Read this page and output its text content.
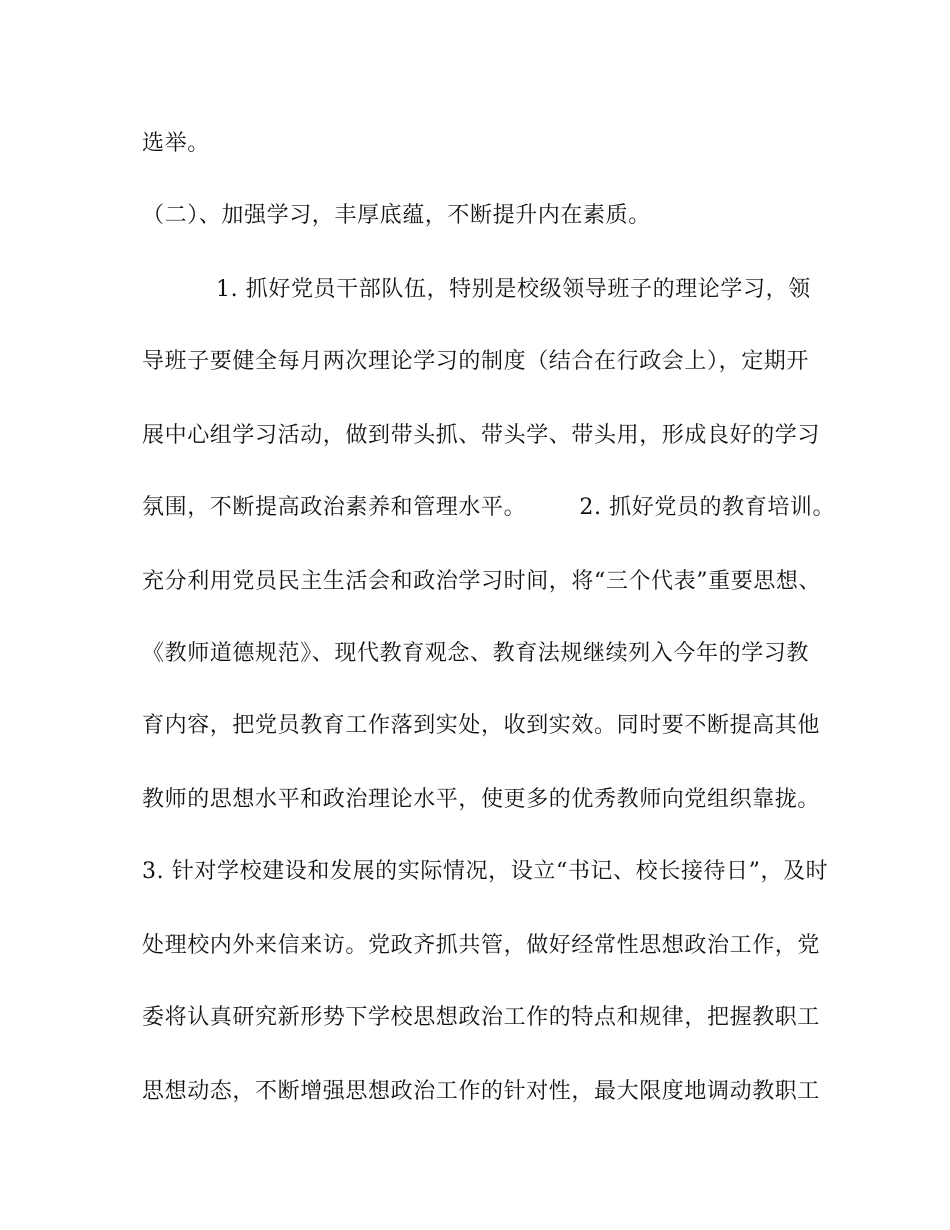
选举。
（二）、加强学习，丰厚底蕴，不断提升内在素质。
1. 抓好党员干部队伍，特别是校级领导班子的理论学习，领
导班子要健全每月两次理论学习的制度（结合在行政会上），定期开
展中心组学习活动，做到带头抓、带头学、带头用，形成良好的学习
氛围，不断提高政治素养和管理水平。       2. 抓好党员的教育培训。
充分利用党员民主生活会和政治学习时间，将“三个代表”重要思想、
《教师道德规范》、现代教育观念、教育法规继续列入今年的学习教
育内容，把党员教育工作落到实处，收到实效。同时要不断提高其他
教师的思想水平和政治理论水平，使更多的优秀教师向党组织靠拢。
3. 针对学校建设和发展的实际情况，设立“书记、校长接待日”，及时
处理校内外来信来访。党政齐抓共管，做好经常性思想政治工作，党
委将认真研究新形势下学校思想政治工作的特点和规律，把握教职工
思想动态，不断增强思想政治工作的针对性，最大限度地调动教职工
